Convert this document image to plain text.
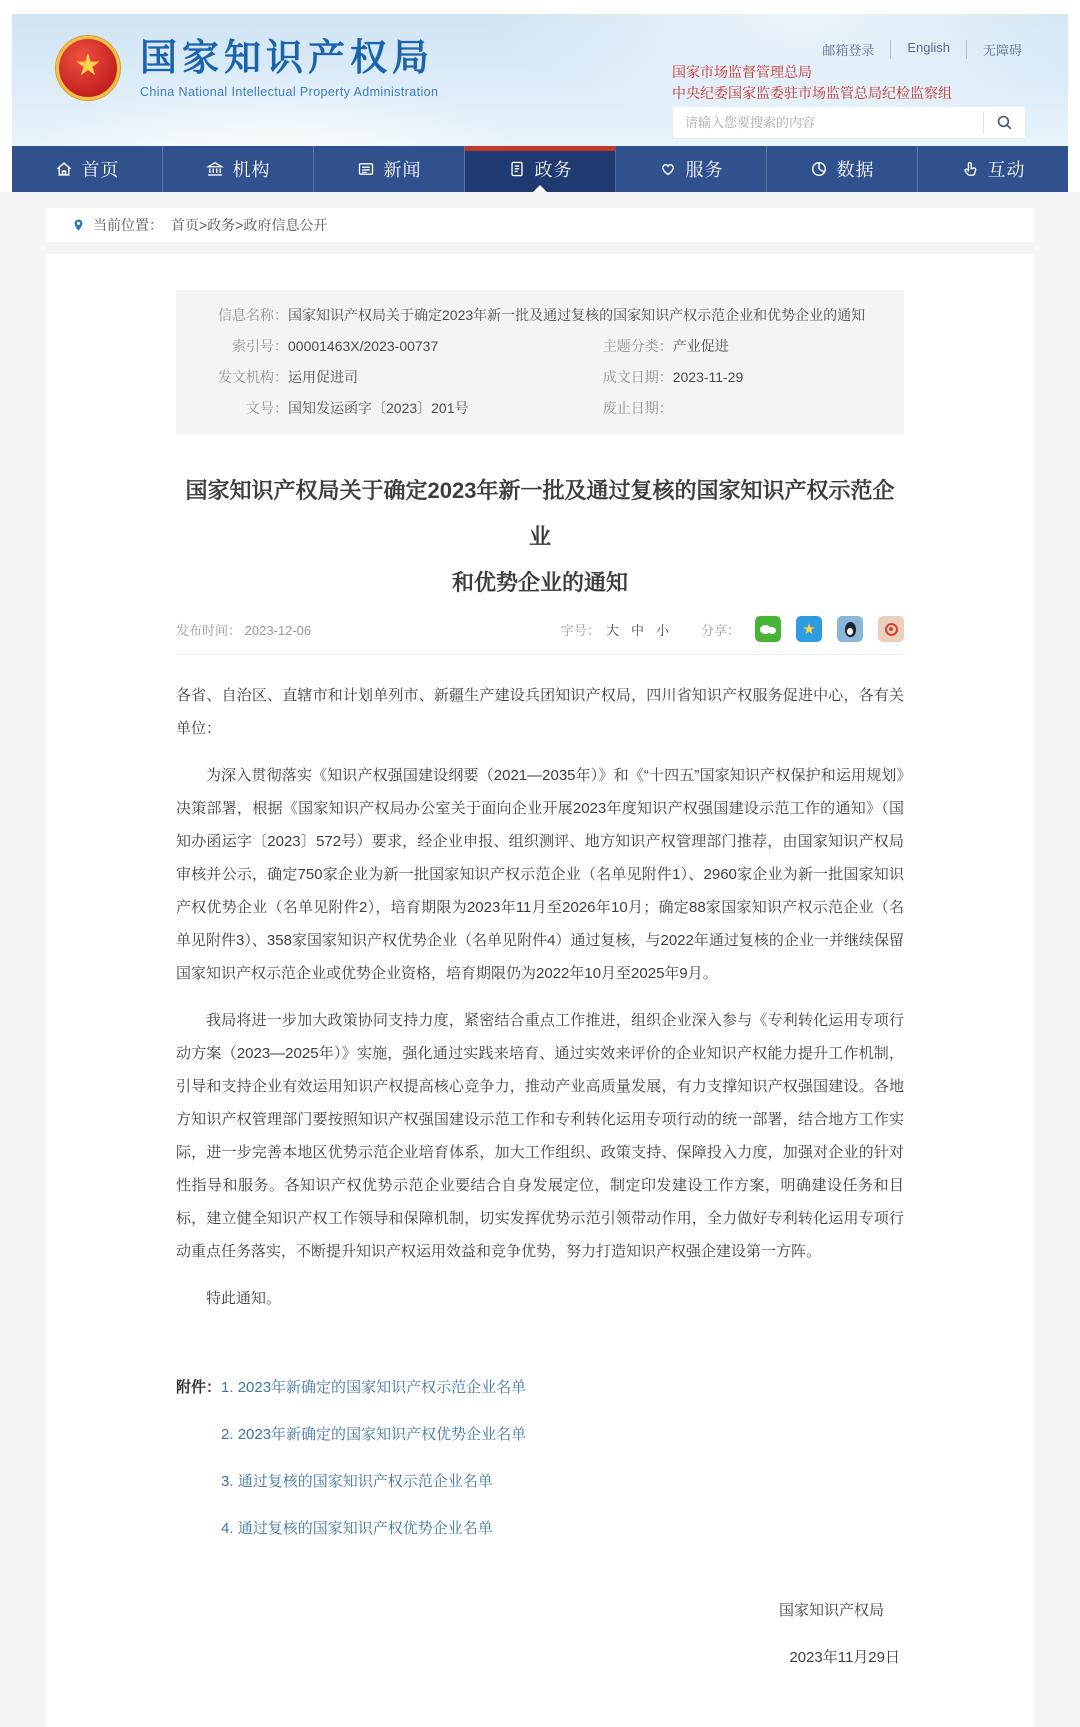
★ 国家知识产权局
China National Intellectual Property Administration
邮箱登录	English	无障碍
国家市场监督管理总局
中央纪委国家监委驻市场监管总局纪检监察组
请输入您要搜索的内容
首页	机构	新闻	政务	服务	数据	互动
当前位置： 首页>政务>政府信息公开
信息名称： 国家知识产权局关于确定2023年新一批及通过复核的国家知识产权示范企业和优势企业的通知
索引号： 00001463X/2023-00737	主题分类： 产业促进
发文机构： 运用促进司	成文日期： 2023-11-29
文号： 国知发运函字〔2023〕201号	废止日期：
国家知识产权局关于确定2023年新一批及通过复核的国家知识产权示范企业
和优势企业的通知
发布时间： 2023-12-06	字号： 大 中 小 分享：	★

各省、自治区、直辖市和计划单列市、新疆生产建设兵团知识产权局，四川省知识产权服务促进中心，各有关单位：

为深入贯彻落实《知识产权强国建设纲要（2021—2035年）》和《“十四五”国家知识产权保护和运用规划》决策部署，根据《国家知识产权局办公室关于面向企业开展2023年度知识产权强国建设示范工作的通知》（国知办函运字〔2023〕572号）要求，经企业申报、组织测评、地方知识产权管理部门推荐，由国家知识产权局审核并公示，确定750家企业为新一批国家知识产权示范企业（名单见附件1）、2960家企业为新一批国家知识产权优势企业（名单见附件2），培育期限为2023年11月至2026年10月；确定88家国家知识产权示范企业（名单见附件3）、358家国家知识产权优势企业（名单见附件4）通过复核，与2022年通过复核的企业一并继续保留国家知识产权示范企业或优势企业资格，培育期限仍为2022年10月至2025年9月。

我局将进一步加大政策协同支持力度，紧密结合重点工作推进，组织企业深入参与《专利转化运用专项行动方案（2023—2025年）》实施，强化通过实践来培育、通过实效来评价的企业知识产权能力提升工作机制，引导和支持企业有效运用知识产权提高核心竞争力，推动产业高质量发展，有力支撑知识产权强国建设。各地方知识产权管理部门要按照知识产权强国建设示范工作和专利转化运用专项行动的统一部署，结合地方工作实际，进一步完善本地区优势示范企业培育体系，加大工作组织、政策支持、保障投入力度，加强对企业的针对性指导和服务。各知识产权优势示范企业要结合自身发展定位，制定印发建设工作方案，明确建设任务和目标，建立健全知识产权工作领导和保障机制，切实发挥优势示范引领带动作用，全力做好专利转化运用专项行动重点任务落实，不断提升知识产权运用效益和竞争优势，努力打造知识产权强企建设第一方阵。

特此通知。

附件： 1. 2023年新确定的国家知识产权示范企业名单
2. 2023年新确定的国家知识产权优势企业名单
3. 通过复核的国家知识产权示范企业名单
4. 通过复核的国家知识产权优势企业名单
国家知识产权局
2023年11月29日
